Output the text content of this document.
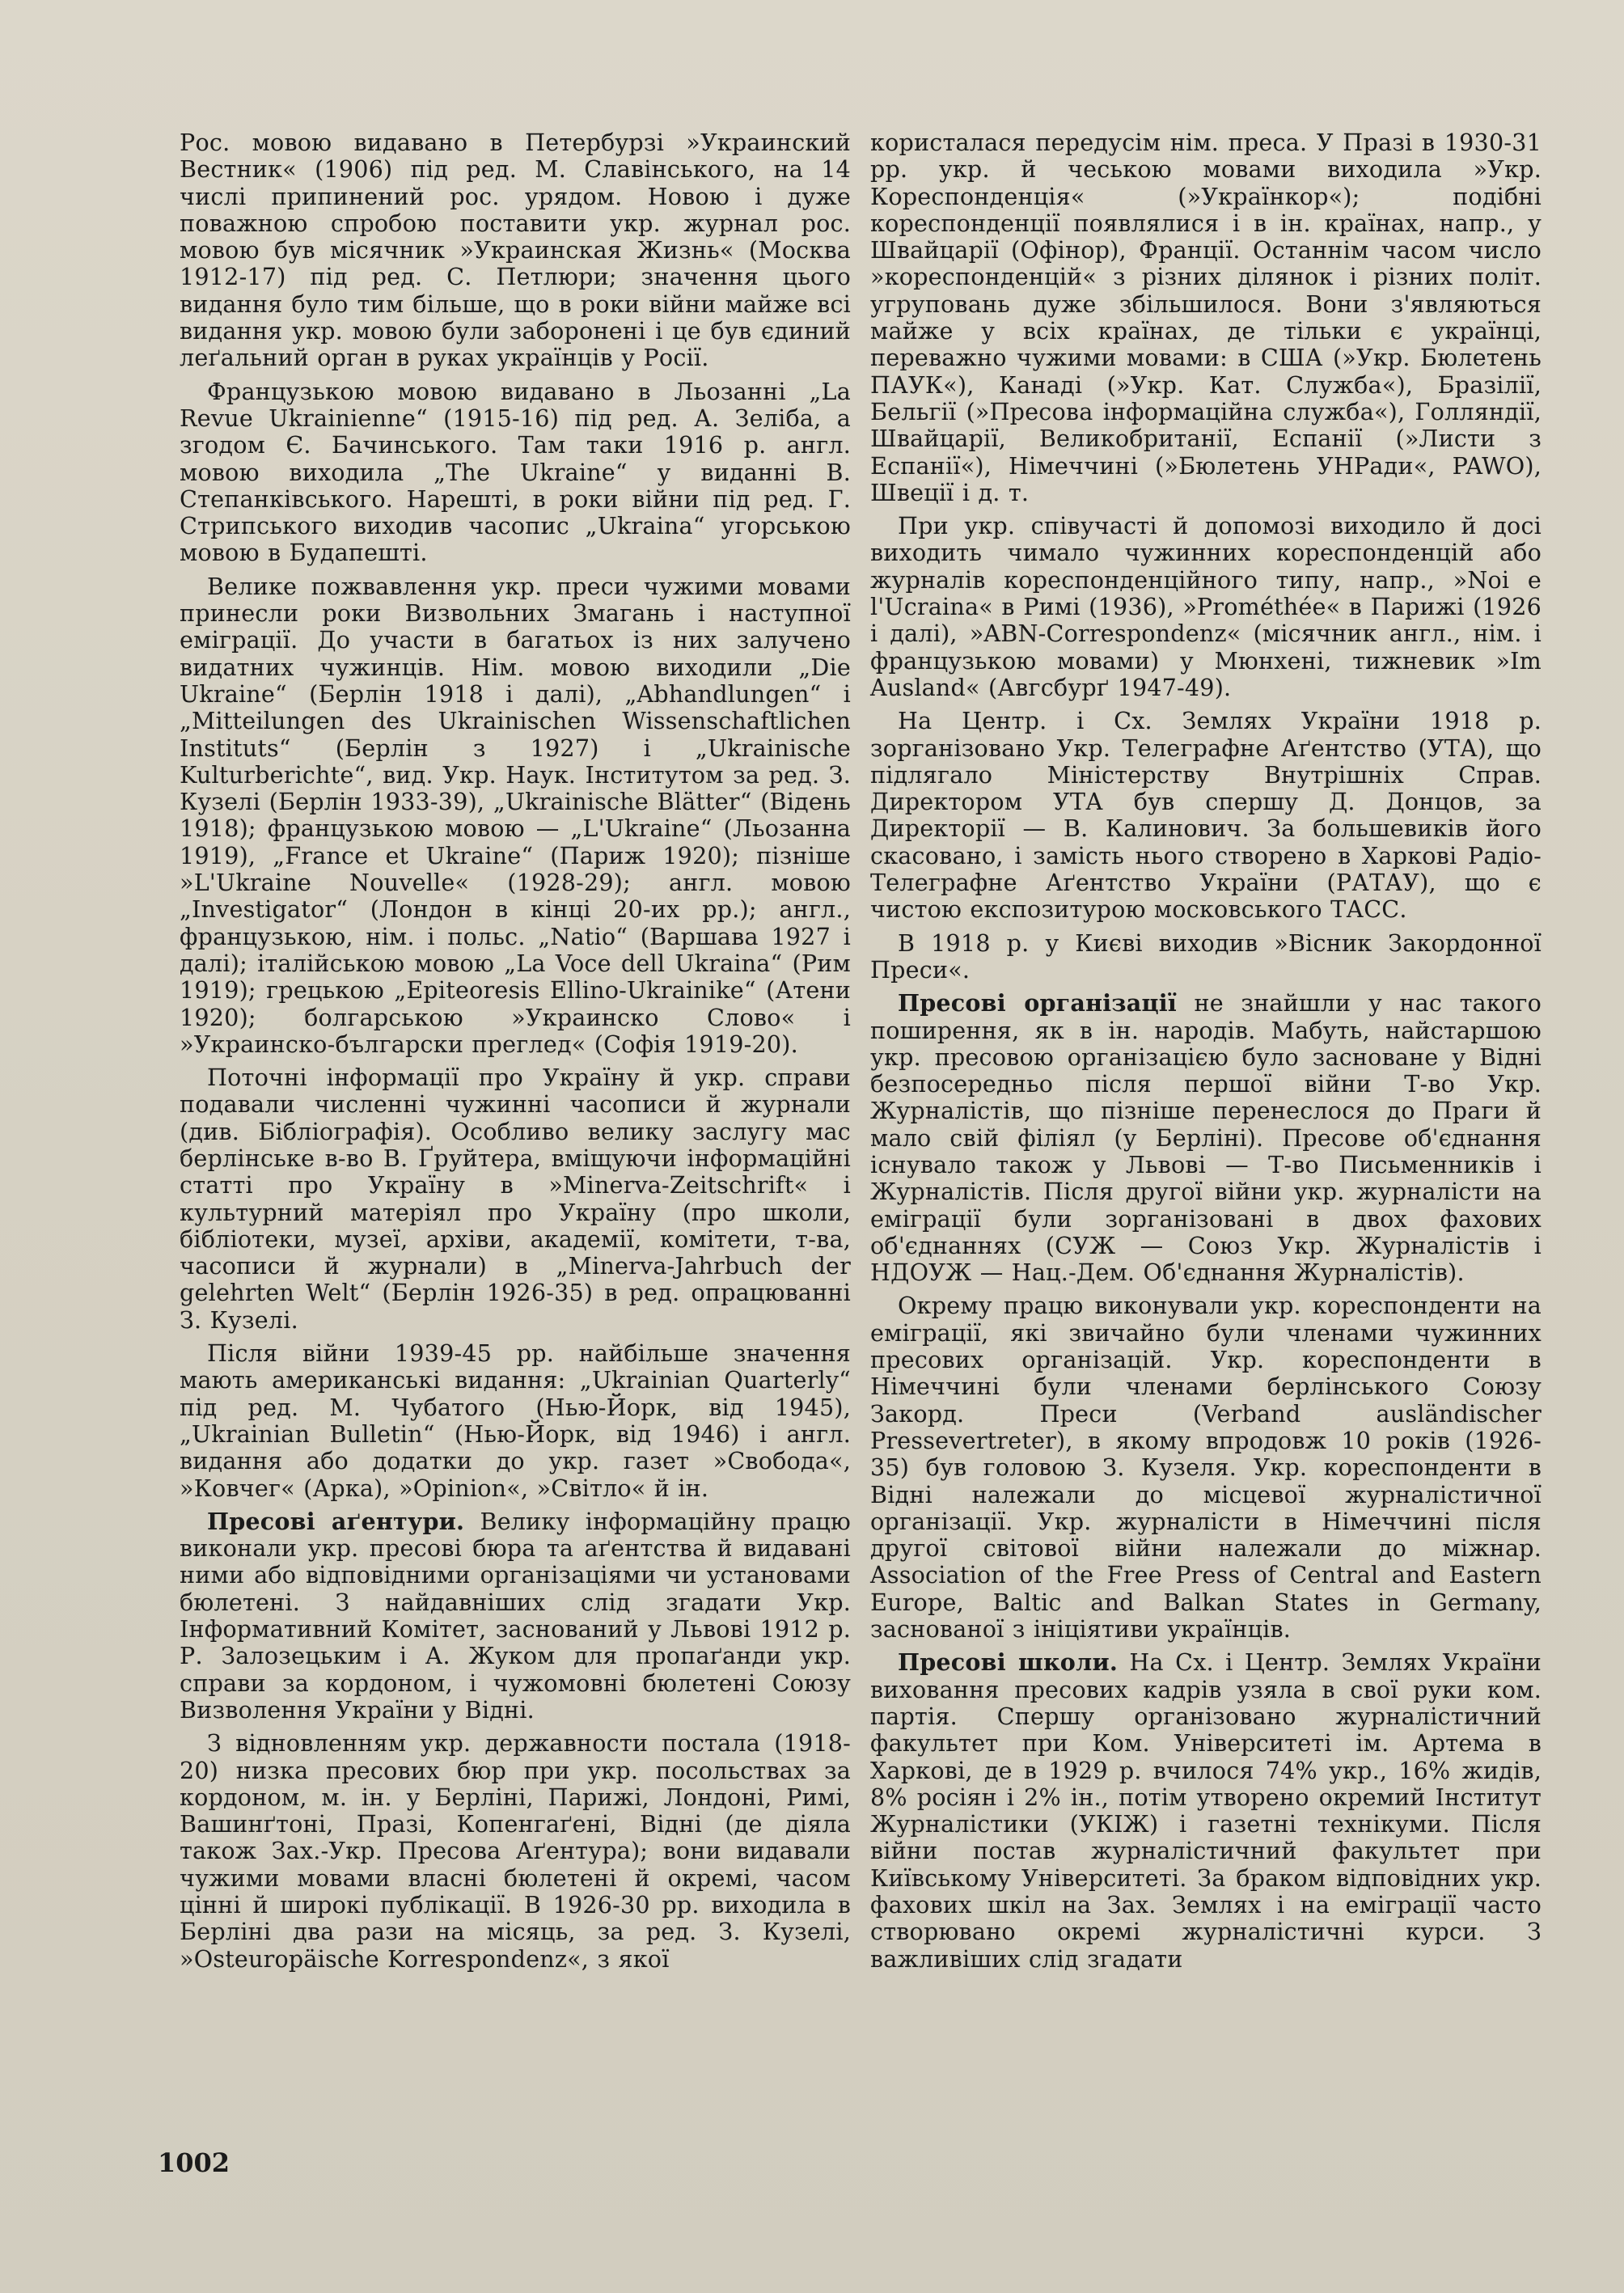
Рос. мовою видавано в Петербурзі »Украинский Вестник« (1906) під ред. М. Славінського, на 14 числі припинений рос. урядом. Новою і дуже поважною спробою поставити укр. журнал рос. мовою був місячник »Украинская Жизнь« (Москва 1912-17) під ред. С. Петлюри; значення цього видання було тим більше, що в роки війни майже всі видання укр. мовою були заборонені і це був єдиний леґальний орган в руках українців у Росії.

Французькою мовою видавано в Льозанні „La Revue Ukrainienne“ (1915-16) під ред. А. Зеліба, а згодом Є. Бачинського. Там таки 1916 р. англ. мовою виходила „The Ukraine“ у виданні В. Степанківського. Нарешті, в роки війни під ред. Г. Стрипського виходив часопис „Ukraina“ угорською мовою в Будапешті.

Велике пожвавлення укр. преси чужими мовами принесли роки Визвольних Змагань і наступної еміграції. До участи в багатьох із них залучено видатних чужинців. Нім. мовою виходили „Die Ukraine“ (Берлін 1918 і далі), „Abhandlungen“ і „Mitteilungen des Ukrainischen Wissenschaftlichen Instituts“ (Берлін з 1927) і „Ukrainische Kulturberichte“, вид. Укр. Наук. Інститутом за ред. З. Кузелі (Берлін 1933-39), „Ukrainische Blätter“ (Відень 1918); французькою мовою — „L'Ukraine“ (Льозанна 1919), „France et Ukraine“ (Париж 1920); пізніше »L'Ukraine Nouvelle« (1928-29); англ. мовою „Investigator“ (Лондон в кінці 20-их рр.); англ., французькою, нім. і польс. „Natio“ (Варшава 1927 і далі); італійською мовою „La Voce dell Ukraina“ (Рим 1919); грецькою „Epiteoresis Ellino-Ukrainike“ (Атени 1920); болгарською »Украинско Слово« і »Украинско-български преглед« (Софія 1919-20).

Поточні інформації про Україну й укр. справи подавали численні чужинні часописи й журнали (див. Бібліографія). Особливо велику заслугу мас берлінське в-во В. Ґруйтера, вміщуючи інформаційні статті про Україну в »Minerva-Zeitschrift« і культурний матеріял про Україну (про школи, бібліотеки, музеї, архіви, академії, комітети, т-ва, часописи й журнали) в „Minerva-Jahrbuch der gelehrten Welt“ (Берлін 1926-35) в ред. опрацюванні З. Кузелі.

Після війни 1939-45 рр. найбільше значення мають американські видання: „Ukrainian Quarterly“ під ред. М. Чубатого (Нью-Йорк, від 1945), „Ukrainian Bulletin“ (Нью-Йорк, від 1946) і англ. видання або додатки до укр. газет »Свобода«, »Ковчег« (Арка), »Opinion«, »Світло« й ін.

Пресові аґентури. Велику інформаційну працю виконали укр. пресові бюра та аґентства й видавані ними або відповідними організаціями чи установами бюлетені. З найдавніших слід згадати Укр. Інформативний Комітет, заснований у Львові 1912 р. Р. Залозецьким і А. Жуком для пропаґанди укр. справи за кордоном, і чужомовні бюлетені Союзу Визволення України у Відні.

З відновленням укр. державности постала (1918-20) низка пресових бюр при укр. посольствах за кордоном, м. ін. у Берліні, Парижі, Лондоні, Римі, Вашинґтоні, Празі, Копенгаґені, Відні (де діяла також Зах.-Укр. Пресова Аґентура); вони видавали чужими мовами власні бюлетені й окремі, часом цінні й широкі публікації. В 1926-30 рр. виходила в Берліні два рази на місяць, за ред. З. Кузелі, »Osteuropäische Korrespondenz«, з якої

користалася передусім нім. преса. У Празі в 1930-31 рр. укр. й чеською мовами виходила »Укр. Кореспонденція« (»Українкор«); подібні кореспонденції появлялися і в ін. країнах, напр., у Швайцарії (Офінор), Франції. Останнім часом число »кореспонденцій« з різних ділянок і різних політ. угруповань дуже збільшилося. Вони з'являються майже у всіх країнах, де тільки є українці, переважно чужими мовами: в США (»Укр. Бюлетень ПАУК«), Канаді (»Укр. Кат. Служба«), Бразілії, Бельгії (»Пресова інформаційна служба«), Голляндії, Швайцарії, Великобританії, Еспанії (»Листи з Еспанії«), Німеччині (»Бюлетень УНРади«, PAWO), Швеції і д. т.

При укр. співучасті й допомозі виходило й досі виходить чимало чужинних кореспонденцій або журналів кореспонденційного типу, напр., »Noi e l'Ucraina« в Римі (1936), »Prométhée« в Парижі (1926 і далі), »ABN-Correspondenz« (місячник англ., нім. і французькою мовами) у Мюнхені, тижневик »Im Ausland« (Авгсбурґ 1947-49).

На Центр. і Сх. Землях України 1918 р. зорганізовано Укр. Телеграфне Аґентство (УТА), що підлягало Міністерству Внутрішніх Справ. Директором УТА був спершу Д. Донцов, за Директорії — В. Калинович. За большевиків його скасовано, і замість нього створено в Харкові Радіо-Телеграфне Аґентство України (РАТАУ), що є чистою експозитурою московського ТАСС.

В 1918 р. у Києві виходив »Вісник Закордонної Преси«.

Пресові організації не знайшли у нас такого поширення, як в ін. народів. Мабуть, найстаршою укр. пресовою організацією було засноване у Відні безпосередньо після першої війни Т-во Укр. Журналістів, що пізніше перенеслося до Праги й мало свій філіял (у Берліні). Пресове об'єднання існувало також у Львові — Т-во Письменників і Журналістів. Після другої війни укр. журналісти на еміграції були зорганізовані в двох фахових об'єднаннях (СУЖ — Союз Укр. Журналістів і НДОУЖ — Нац.-Дем. Об'єднання Журналістів).

Окрему працю виконували укр. кореспонденти на еміграції, які звичайно були членами чужинних пресових організацій. Укр. кореспонденти в Німеччині були членами берлінського Союзу Закорд. Преси (Verband ausländischer Pressevertreter), в якому впродовж 10 років (1926-35) був головою З. Кузеля. Укр. кореспонденти в Відні належали до місцевої журналістичної організації. Укр. журналісти в Німеччині після другої світової війни належали до міжнар. Association of the Free Press of Central and Eastern Europe, Baltic and Balkan States in Germany, заснованої з ініціятиви українців.

Пресові школи. На Сх. і Центр. Землях України виховання пресових кадрів узяла в свої руки ком. партія. Спершу організовано журналістичний факультет при Ком. Університеті ім. Артема в Харкові, де в 1929 р. вчилося 74% укр., 16% жидів, 8% росіян і 2% ін., потім утворено окремий Інститут Журналістики (УКІЖ) і газетні технікуми. Після війни постав журналістичний факультет при Київському Університеті. За браком відповідних укр. фахових шкіл на Зах. Землях і на еміграції часто створювано окремі журналістичні курси. З важливіших слід згадати

1002
